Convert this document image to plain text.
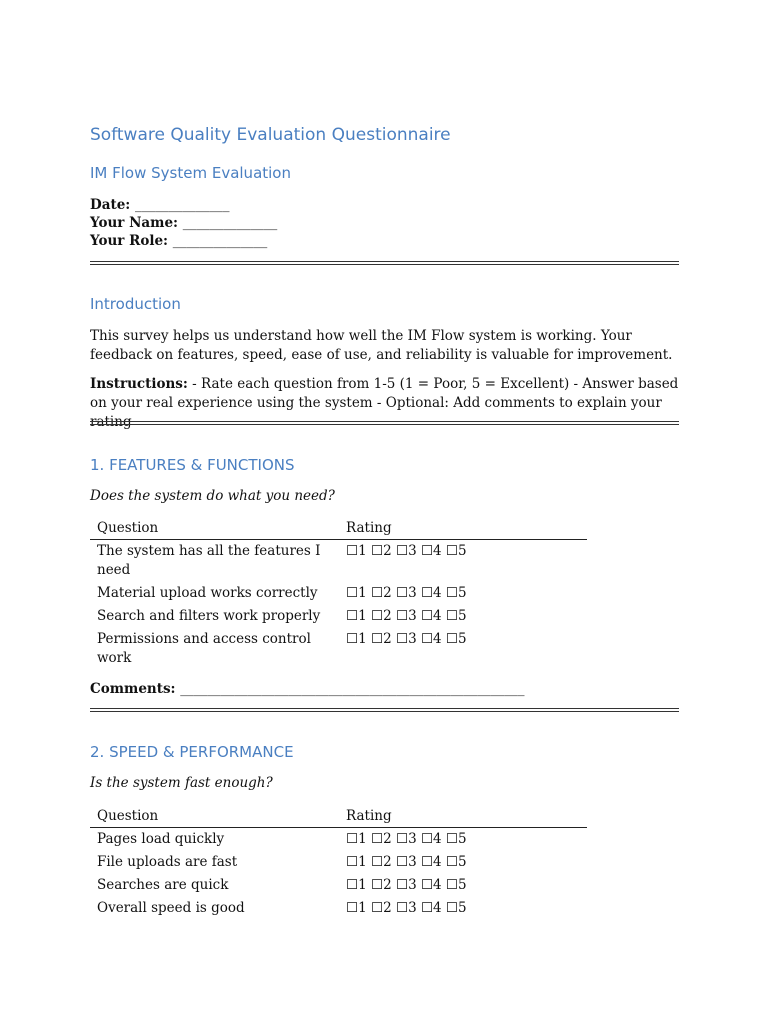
Software Quality Evaluation Questionnaire
IM Flow System Evaluation
Date: ______________
Your Name: ______________
Your Role: ______________
Introduction

This survey helps us understand how well the IM Flow system is working. Your feedback on features, speed, ease of use, and reliability is valuable for improvement.

Instructions: - Rate each question from 1-5 (1 = Poor, 5 = Excellent) - Answer based on your real experience using the system - Optional: Add comments to explain your rating

1. FEATURES & FUNCTIONS

Does the system do what you need?

Question	Rating
The system has all the features I need	☐1 ☐2 ☐3 ☐4 ☐5
Material upload works correctly	☐1 ☐2 ☐3 ☐4 ☐5
Search and filters work properly	☐1 ☐2 ☐3 ☐4 ☐5
Permissions and access control work	☐1 ☐2 ☐3 ☐4 ☐5
Comments: ___________________________________________________
2. SPEED & PERFORMANCE

Is the system fast enough?

Question	Rating
Pages load quickly	☐1 ☐2 ☐3 ☐4 ☐5
File uploads are fast	☐1 ☐2 ☐3 ☐4 ☐5
Searches are quick	☐1 ☐2 ☐3 ☐4 ☐5
Overall speed is good	☐1 ☐2 ☐3 ☐4 ☐5
